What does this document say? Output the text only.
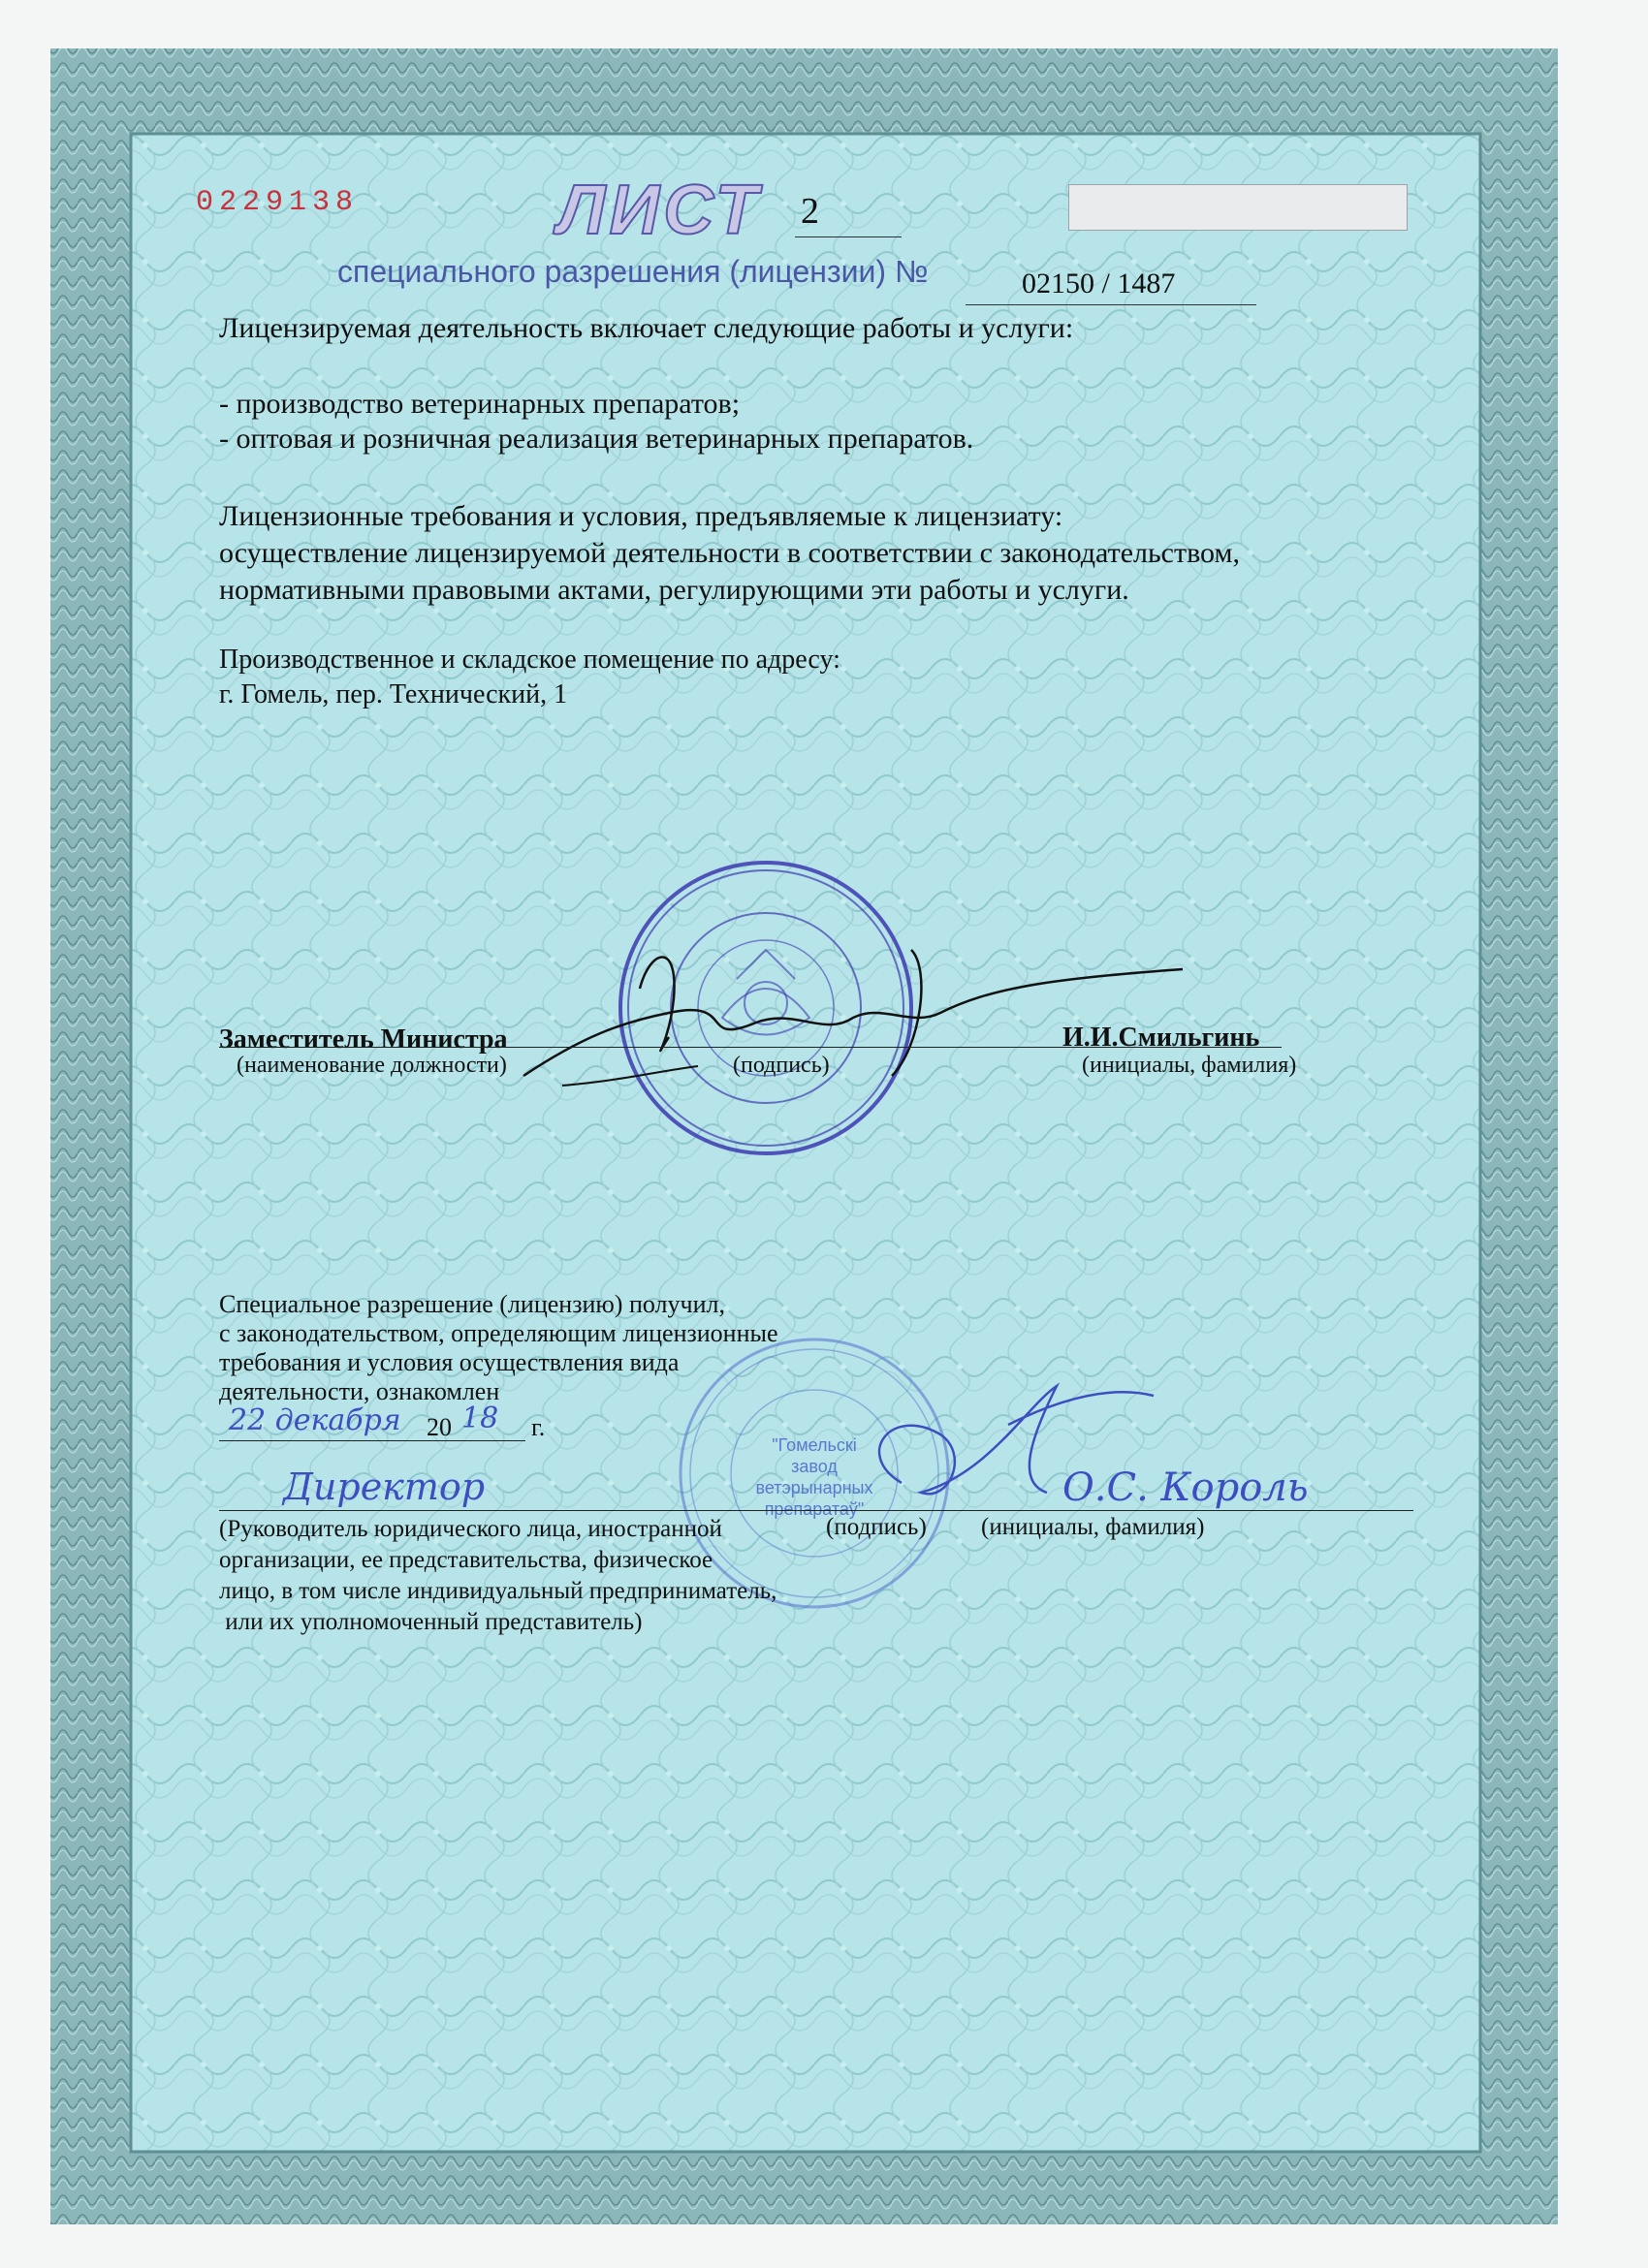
0229138	ЛИСТ 2
специального разрешения (лицензии) №	02150 / 1487
Лицензируемая деятельность включает следующие работы и услуги:
- производство ветеринарных препаратов;
- оптовая и розничная реализация ветеринарных препаратов.
Лицензионные требования и условия, предъявляемые к лицензиату:
осуществление лицензируемой деятельности в соответствии с законодательством,
нормативными правовыми актами, регулирующими эти работы и услуги.
Производственное и складское помещение по адресу:
г. Гомель, пер. Технический, 1
Заместитель Министра	И.И.Смильгинь
(наименование должности)	(подпись)	(инициалы, фамилия)
Специальное разрешение (лицензию) получил,
с законодательством, определяющим лицензионные
требования и условия осуществления вида
деятельности, ознакомлен
22 декабря 20 18 г.
"Гомельскі
завод
ветэрынарных
препаратаў"
Директор	О.С. Король
(Руководитель юридического лица, иностранной
организации, ее представительства, физическое
лицо, в том числе индивидуальный предприниматель,
или их уполномоченный представитель)
(подпись) (инициалы, фамилия)
